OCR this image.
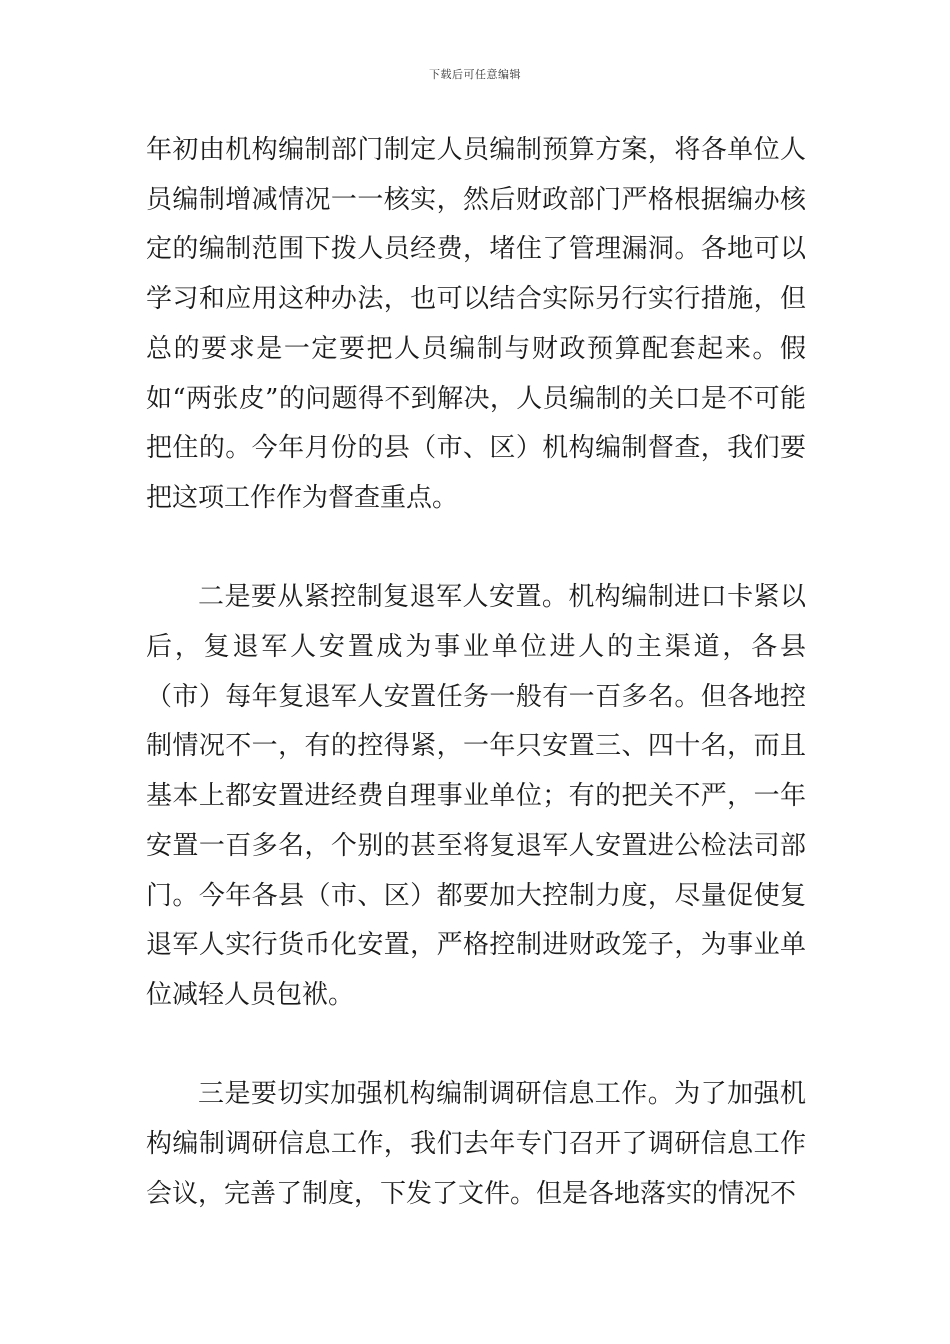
下载后可任意编辑

年初由机构编制部门制定人员编制预算方案，将各单位人员编制增减情况一一核实，然后财政部门严格根据编办核定的编制范围下拨人员经费，堵住了管理漏洞。各地可以学习和应用这种办法，也可以结合实际另行实行措施，但总的要求是一定要把人员编制与财政预算配套起来。假如“两张皮”的问题得不到解决，人员编制的关口是不可能把住的。今年月份的县（市、区）机构编制督查，我们要把这项工作作为督查重点。

二是要从紧控制复退军人安置。机构编制进口卡紧以后，复退军人安置成为事业单位进人的主渠道，各县（市）每年复退军人安置任务一般有一百多名。但各地控制情况不一，有的控得紧，一年只安置三、四十名，而且基本上都安置进经费自理事业单位；有的把关不严，一年安置一百多名，个别的甚至将复退军人安置进公检法司部门。今年各县（市、区）都要加大控制力度，尽量促使复退军人实行货币化安置，严格控制进财政笼子，为事业单位减轻人员包袱。

三是要切实加强机构编制调研信息工作。为了加强机构编制调研信息工作，我们去年专门召开了调研信息工作会议，完善了制度，下发了文件。但是各地落实的情况不
